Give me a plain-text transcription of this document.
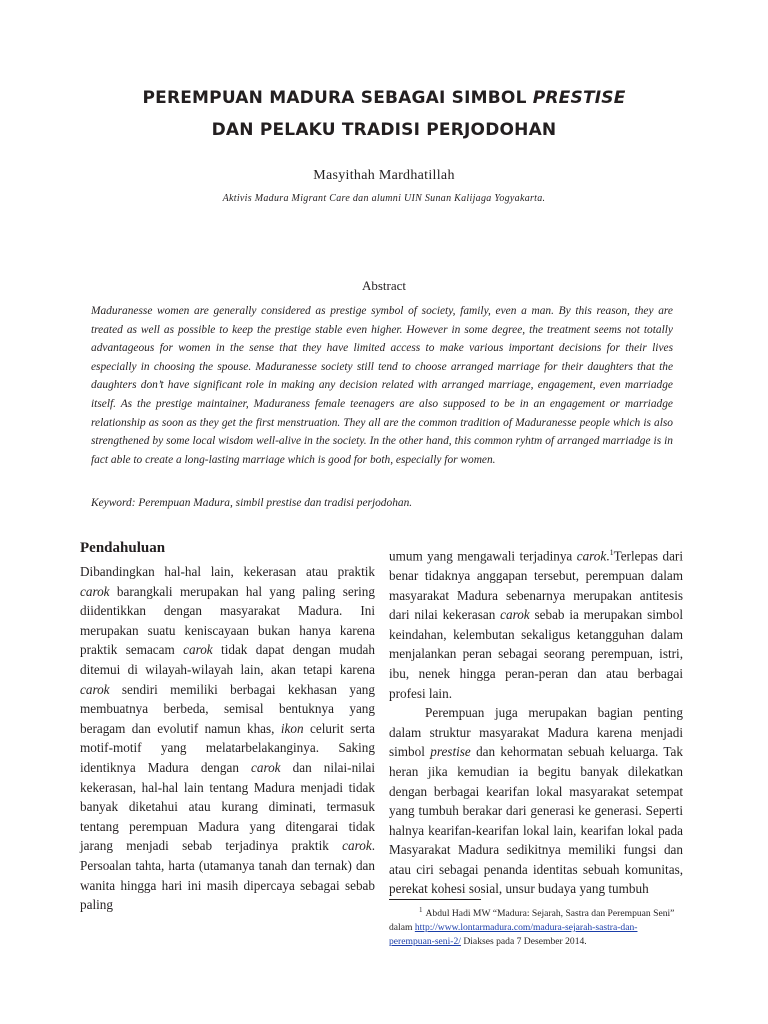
PEREMPUAN MADURA SEBAGAI SIMBOL PRESTISE
DAN PELAKU TRADISI PERJODOHAN
Masyithah Mardhatillah
Aktivis Madura Migrant Care dan alumni UIN Sunan Kalijaga Yogyakarta.
Abstract
Maduranesse women are generally considered as prestige symbol of society, family, even a man. By this reason, they are treated as well as possible to keep the prestige stable even higher. However in some degree, the treatment seems not totally advantageous for women in the sense that they have limited access to make various important decisions for their lives especially in choosing the spouse. Maduranesse society still tend to choose arranged marriage for their daughters that the daughters don’t have significant role in making any decision related with arranged marriage, engagement, even marriadge itself. As the prestige maintainer, Maduraness female teenagers are also supposed to be in an engagement or marriadge relationship as soon as they get the first menstruation. They all are the common tradition of Maduranesse people which is also strengthened by some local wisdom well-alive in the society. In the other hand, this common ryhtm of arranged marriadge is in fact able to create a long-lasting marriage which is good for both, especially for women.
Keyword: Perempuan Madura, simbil prestise dan tradisi perjodohan.
Pendahuluan

Dibandingkan hal-hal lain, kekerasan atau praktik carok barangkali merupakan hal yang paling sering diidentikkan dengan masyarakat Madura. Ini merupakan suatu keniscayaan bukan hanya karena praktik semacam carok tidak dapat dengan mudah ditemui di wilayah-wilayah lain, akan tetapi karena carok sendiri memiliki berbagai kekhasan yang membuatnya berbeda, semisal bentuknya yang beragam dan evolutif namun khas, ikon celurit serta motif-motif yang melatarbelakanginya. Saking identiknya Madura dengan carok dan nilai-nilai kekerasan, hal-hal lain tentang Madura menjadi tidak banyak diketahui atau kurang diminati, termasuk tentang perempuan Madura yang ditengarai tidak jarang menjadi sebab terjadinya praktik carok. Persoalan tahta, harta (utamanya tanah dan ternak) dan wanita hingga hari ini masih dipercaya sebagai sebab paling

umum yang mengawali terjadinya carok.$^1$Terlepas dari benar tidaknya anggapan tersebut, perempuan dalam masyarakat Madura sebenarnya merupakan antitesis dari nilai kekerasan carok sebab ia merupakan simbol keindahan, kelembutan sekaligus ketangguhan dalam menjalankan peran sebagai seorang perempuan, istri, ibu, nenek hingga peran-peran dan atau berbagai profesi lain.

Perempuan juga merupakan bagian penting dalam struktur masyarakat Madura karena menjadi simbol prestise dan kehormatan sebuah keluarga. Tak heran jika kemudian ia begitu banyak dilekatkan dengan berbagai kearifan lokal masyarakat setempat yang tumbuh berakar dari generasi ke generasi. Seperti halnya kearifan-kearifan lokal lain, kearifan lokal pada Masyarakat Madura sedikitnya memiliki fungsi dan atau ciri sebagai penanda identitas sebuah komunitas, perekat kohesi sosial, unsur budaya yang tumbuh

$^1$ Abdul Hadi MW “Madura: Sejarah, Sastra dan Perempuan Seni” dalam http://www.lontarmadura.com/madura-sejarah-sastra-dan-perempuan-seni-2/ Diakses pada 7 Desember 2014.
